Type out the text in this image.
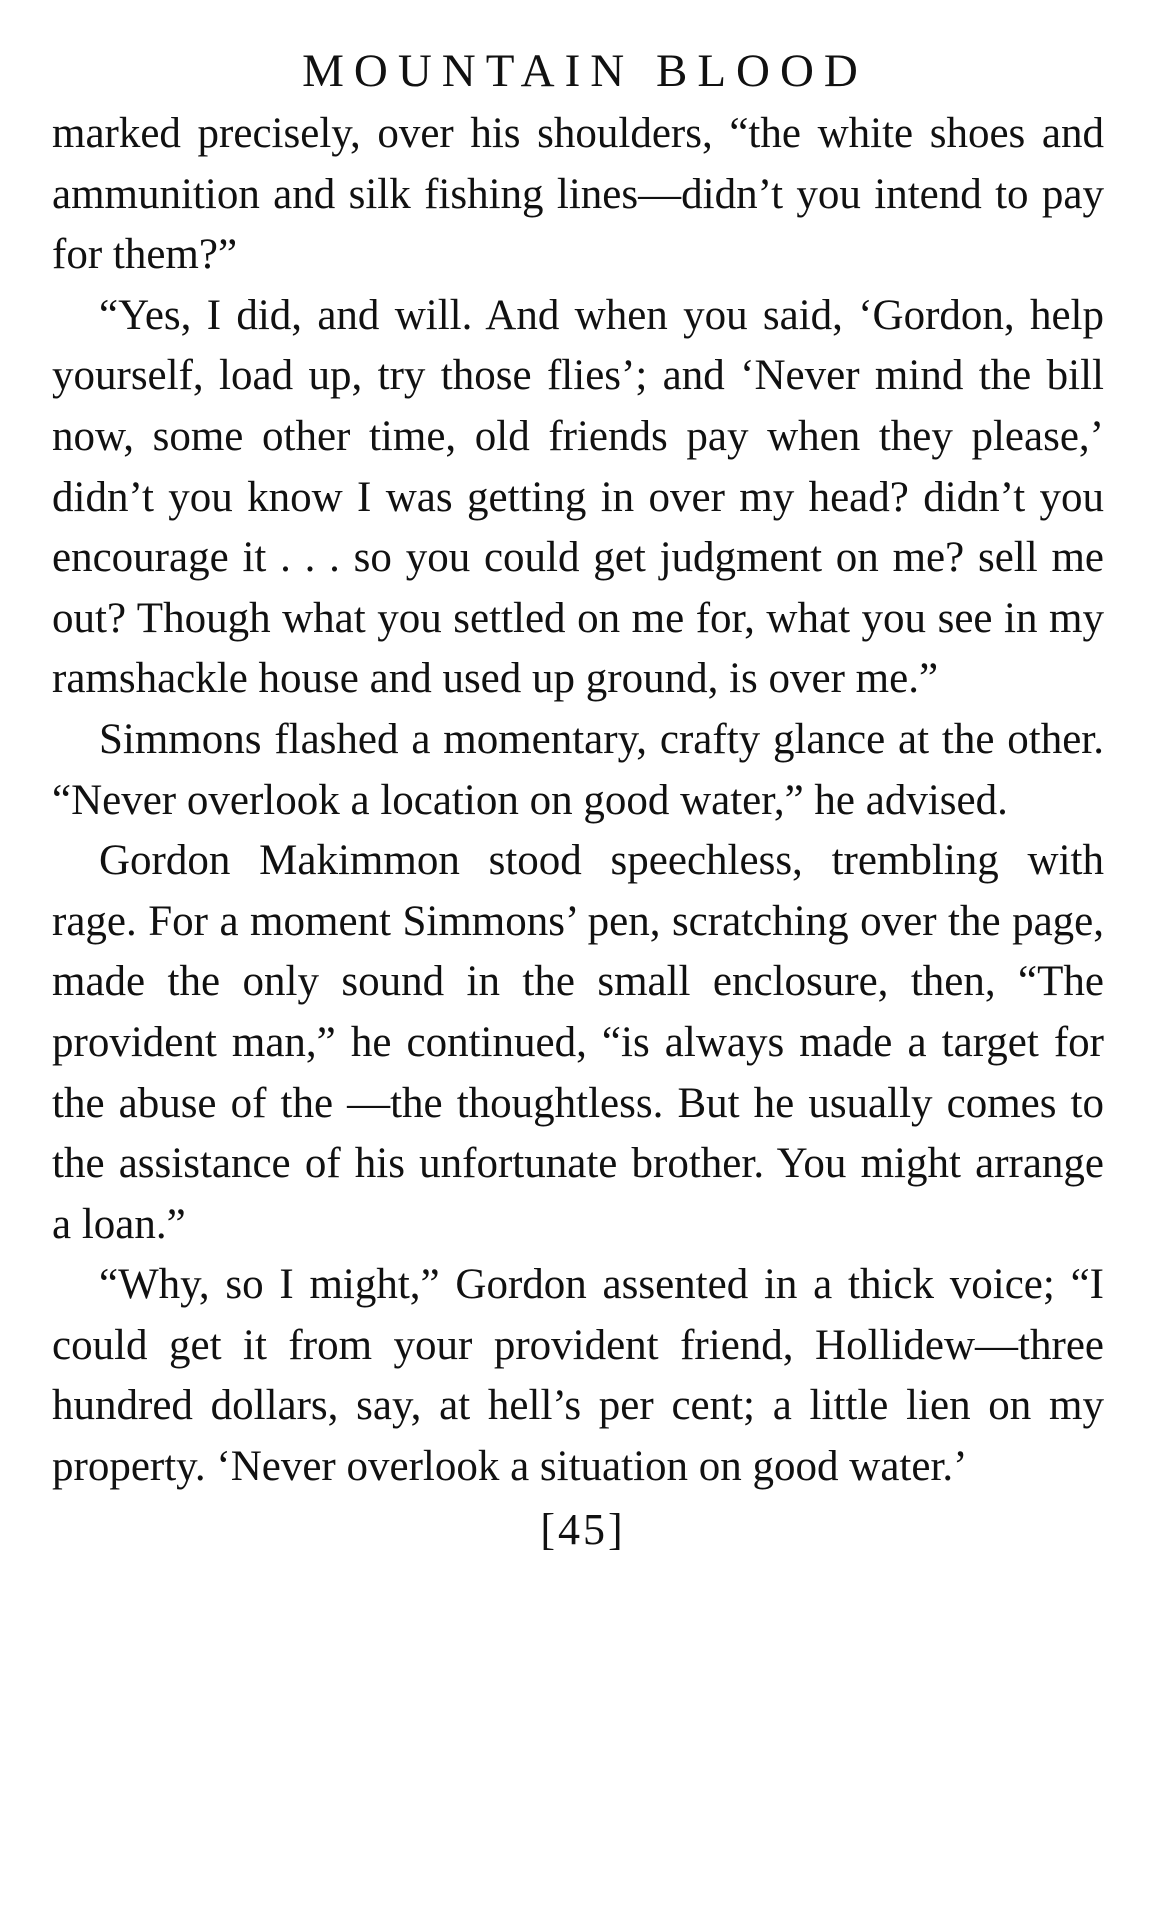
MOUNTAIN BLOOD

marked precisely, over his shoulders, “the white shoes and ammunition and silk fishing lines—didn’t you intend to pay for them?”

“Yes, I did, and will. And when you said, ‘Gordon, help yourself, load up, try those flies’; and ‘Never mind the bill now, some other time, old friends pay when they please,’ didn’t you know I was getting in over my head? didn’t you encourage it . . . so you could get judgment on me? sell me out? Though what you settled on me for, what you see in my ramshackle house and used up ground, is over me.”

Simmons flashed a momentary, crafty glance at the other. “Never overlook a location on good water,” he advised.

Gordon Makimmon stood speechless, trembling with rage. For a moment Simmons’ pen, scratching over the page, made the only sound in the small enclosure, then, “The provident man,” he continued, “is always made a target for the abuse of the —the thoughtless. But he usually comes to the assistance of his unfortunate brother. You might arrange a loan.”

“Why, so I might,” Gordon assented in a thick voice; “I could get it from your provident friend, Hollidew—three hundred dollars, say, at hell’s per cent; a little lien on my property. ‘Never overlook a situation on good water.’

[45]
